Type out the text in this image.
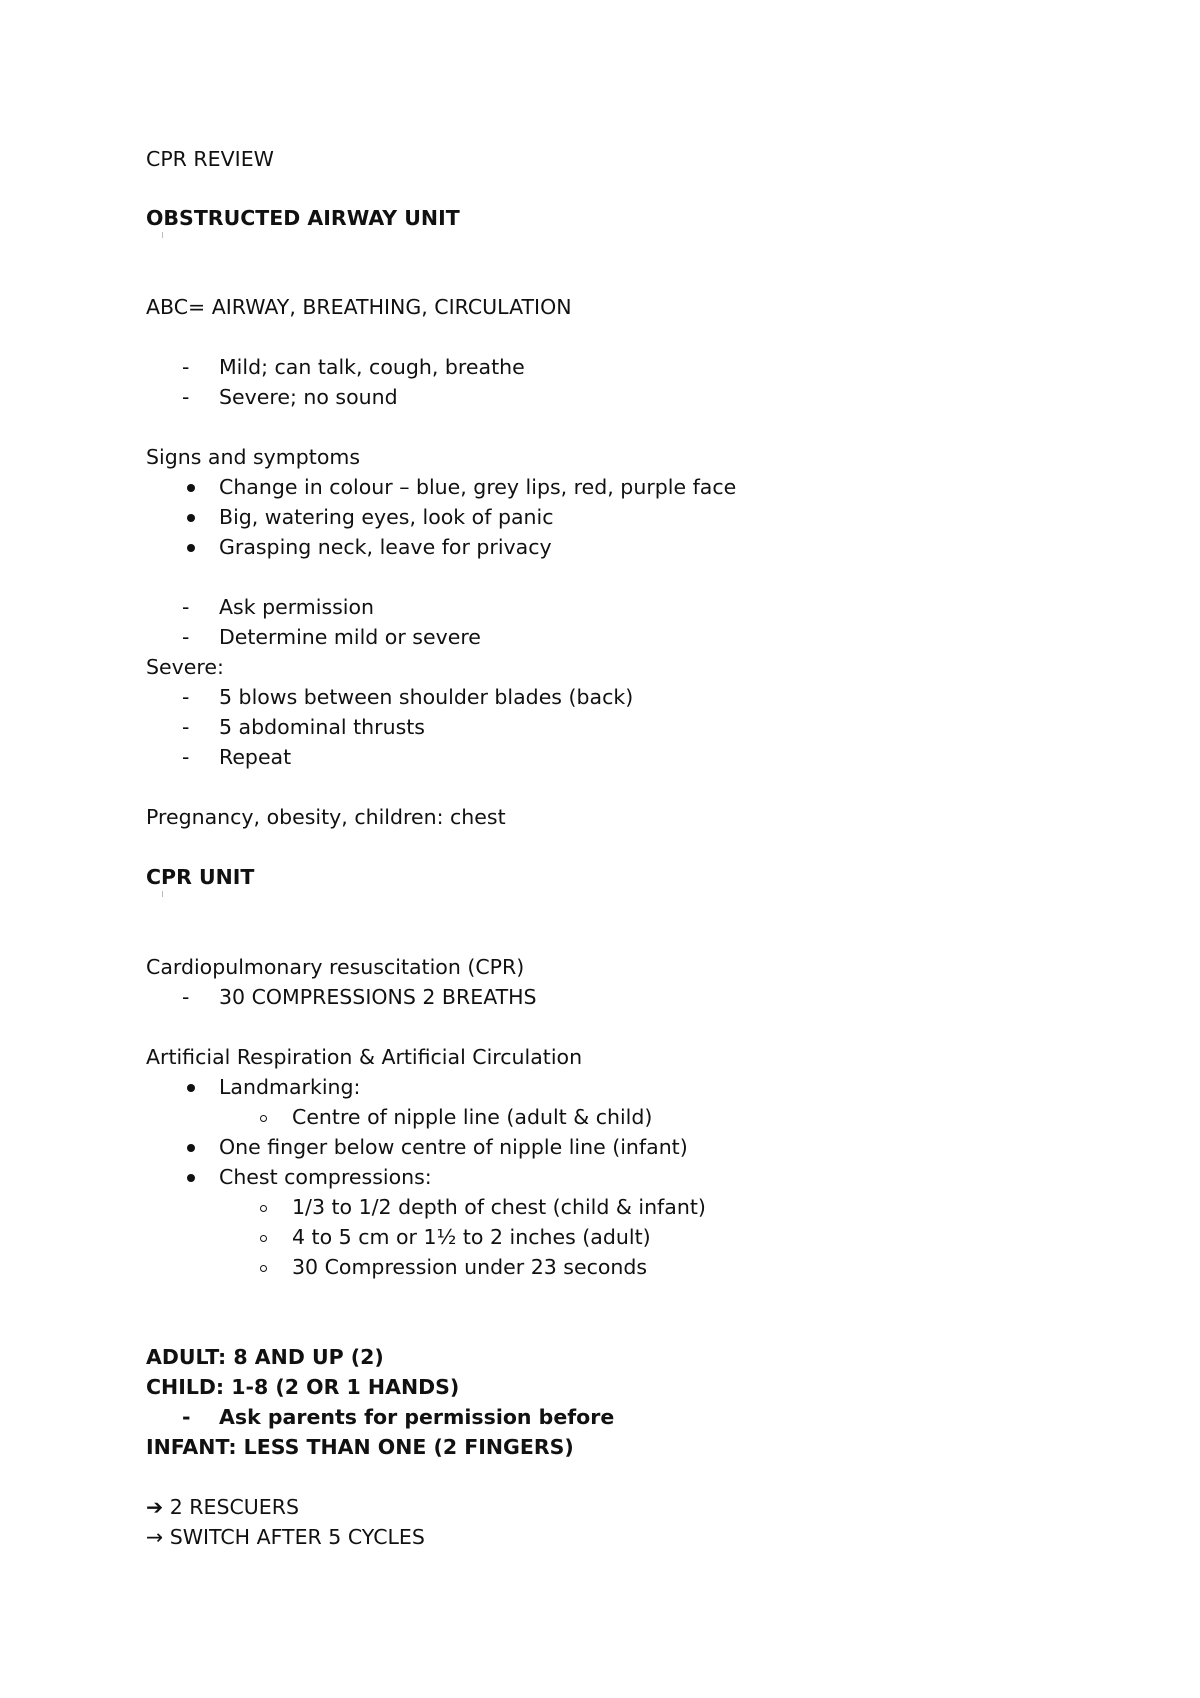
CPR REVIEW
OBSTRUCTED AIRWAY UNIT
ABC= AIRWAY, BREATHING, CIRCULATION
-	Mild; can talk, cough, breathe
-	Severe; no sound
Signs and symptoms
Change in colour – blue, grey lips, red, purple face
Big, watering eyes, look of panic
Grasping neck, leave for privacy
-	Ask permission
-	Determine mild or severe
Severe:
-	5 blows between shoulder blades (back)
-	5 abdominal thrusts
-	Repeat
Pregnancy, obesity, children: chest
CPR UNIT
Cardiopulmonary resuscitation (CPR)
-	30 COMPRESSIONS 2 BREATHS
Artificial Respiration & Artificial Circulation
Landmarking:
Centre of nipple line (adult & child)
One finger below centre of nipple line (infant)
Chest compressions:
1/3 to 1/2 depth of chest (child & infant)
4 to 5 cm or 1½ to 2 inches (adult)
30 Compression under 23 seconds
ADULT: 8 AND UP (2)
CHILD: 1-8 (2 OR 1 HANDS)
-	Ask parents for permission before
INFANT: LESS THAN ONE (2 FINGERS)
➔ 2 RESCUERS
→ SWITCH AFTER 5 CYCLES
